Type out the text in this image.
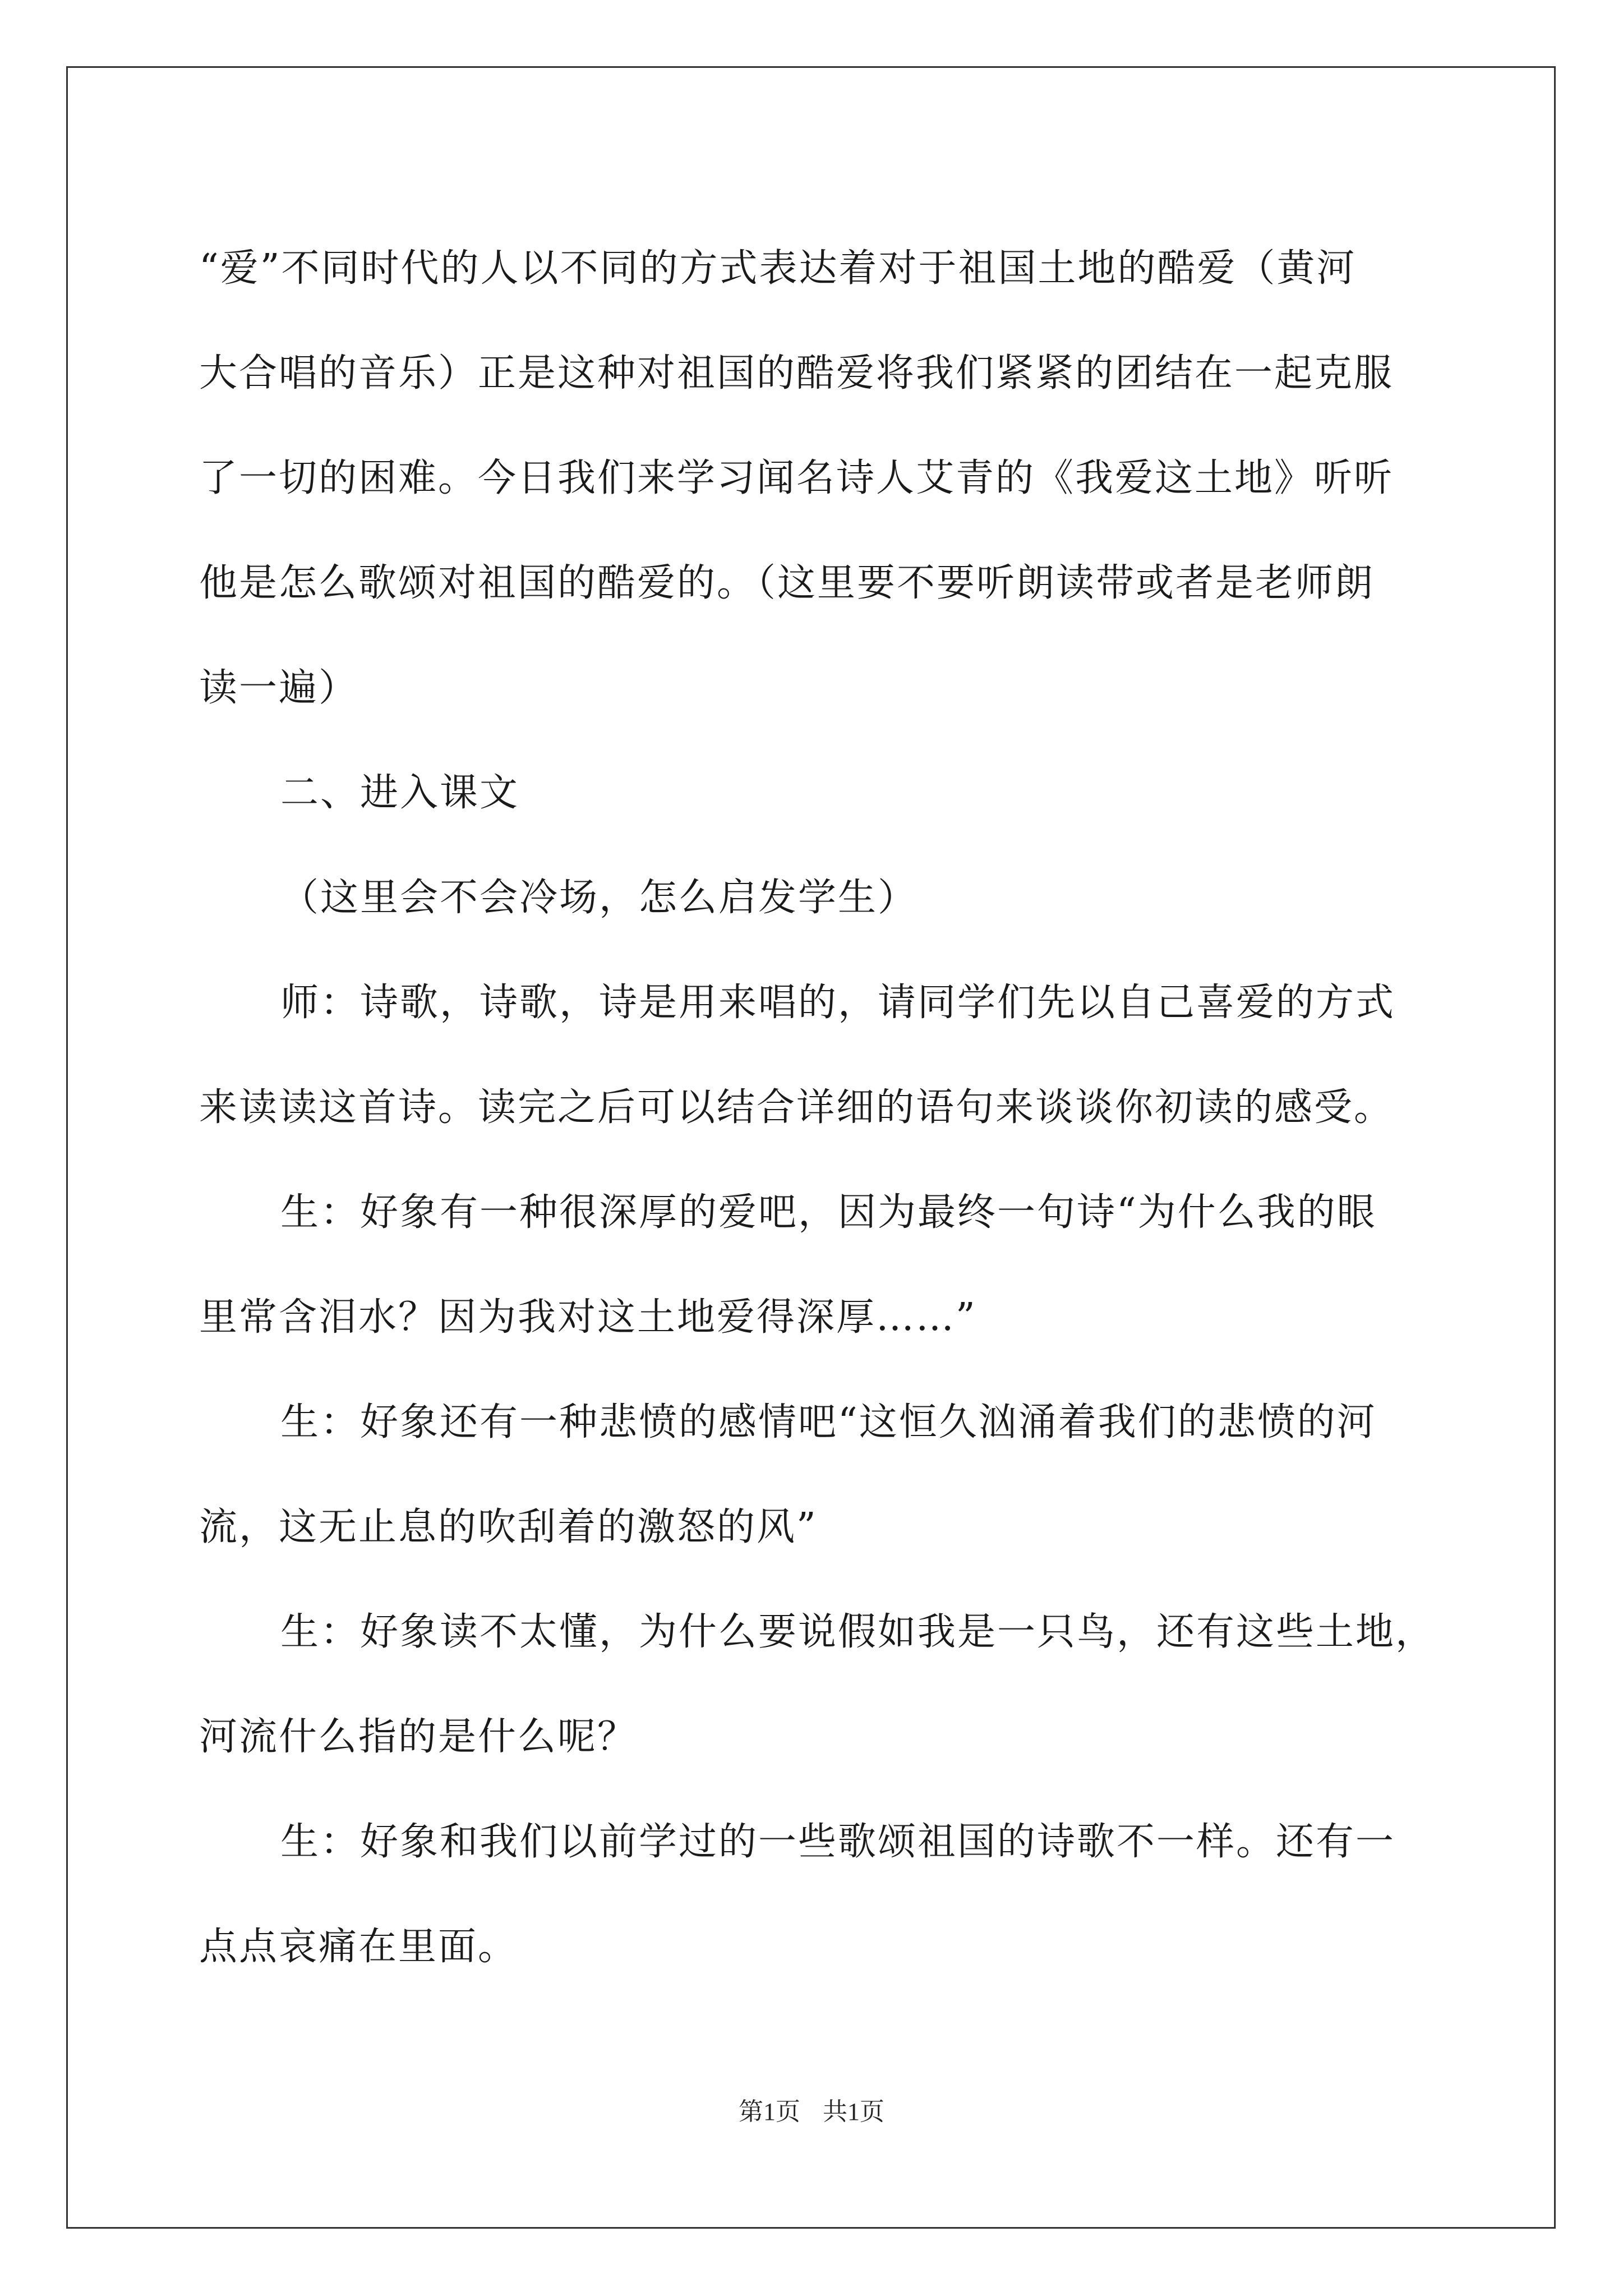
“爱”不同时代的人以不同的方式表达着对于祖国土地的酷爱（黄河

大合唱的音乐）正是这种对祖国的酷爱将我们紧紧的团结在一起克服

了一切的困难。今日我们来学习闻名诗人艾青的《我爱这土地》听听

他是怎么歌颂对祖国的酷爱的。（这里要不要听朗读带或者是老师朗

读一遍）

二、进入课文

（这里会不会冷场，怎么启发学生）

师：诗歌，诗歌，诗是用来唱的，请同学们先以自己喜爱的方式

来读读这首诗。读完之后可以结合详细的语句来谈谈你初读的感受。

生：好象有一种很深厚的爱吧，因为最终一句诗“为什么我的眼

里常含泪水？因为我对这土地爱得深厚……”

生：好象还有一种悲愤的感情吧“这恒久汹涌着我们的悲愤的河

流，这无止息的吹刮着的激怒的风”

生：好象读不太懂，为什么要说假如我是一只鸟，还有这些土地，

河流什么指的是什么呢？

生：好象和我们以前学过的一些歌颂祖国的诗歌不一样。还有一

点点哀痛在里面。

第1页 共1页
